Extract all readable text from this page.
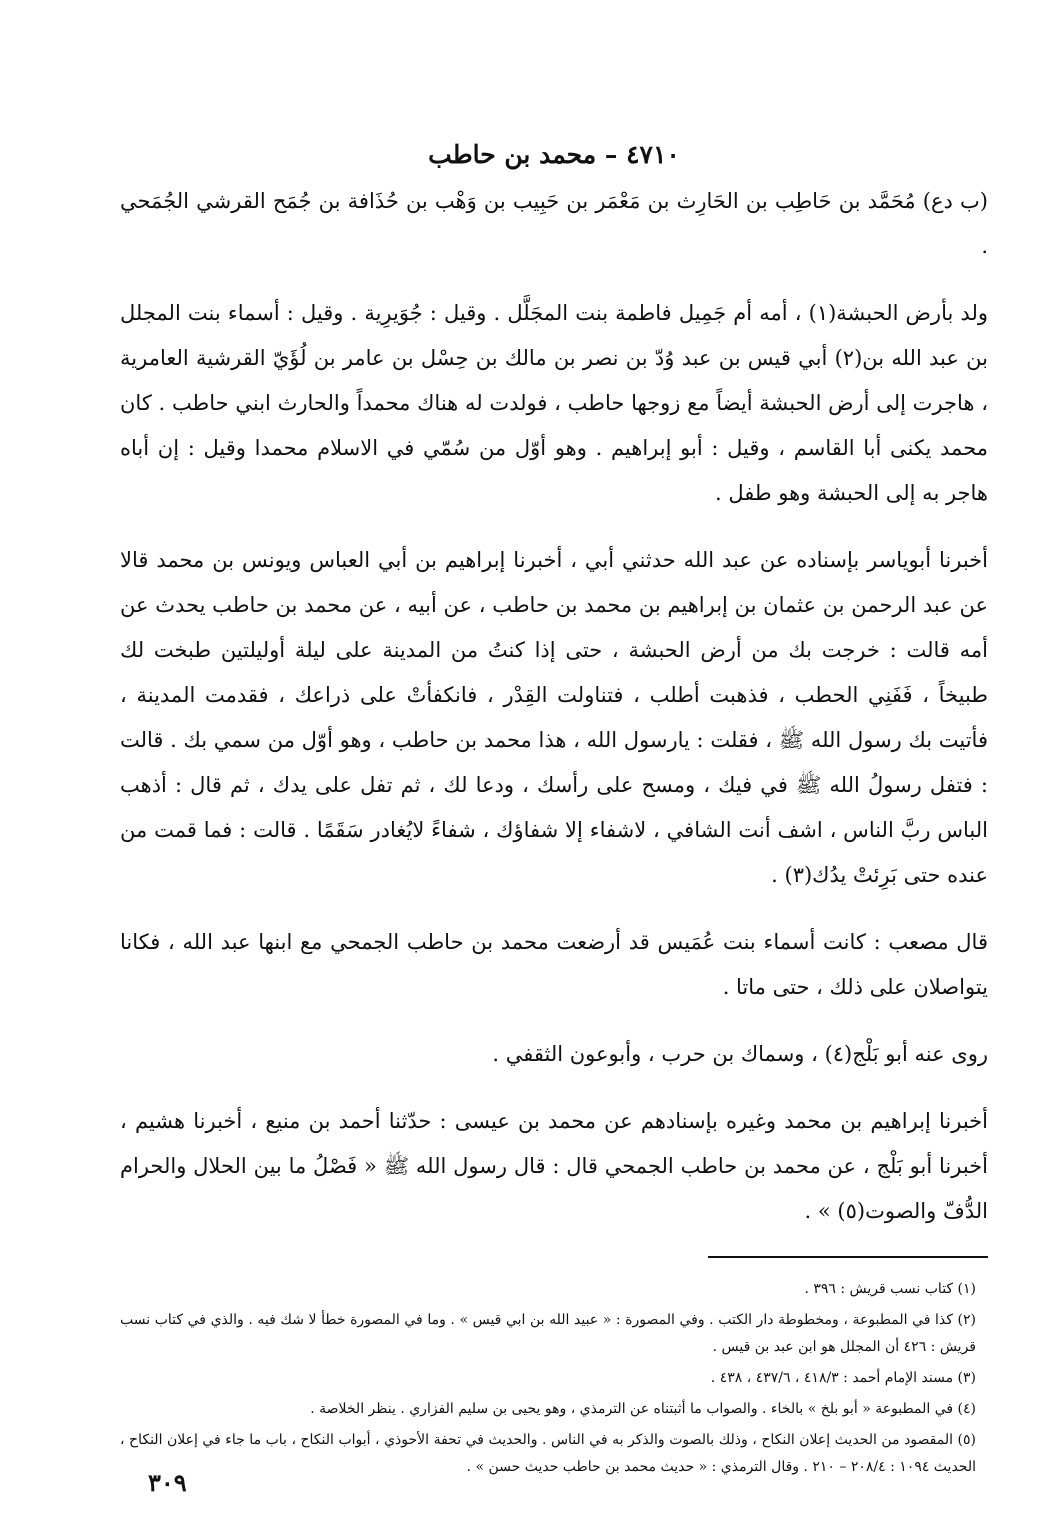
٤٧١٠ – محمد بن حاطب

(ب دع) مُحَمَّد بن حَاطِب بن الحَارِث بن مَعْمَر بن حَبِيب بن وَهْب بن حُذَافة بن جُمَح القرشي الجُمَحي .

ولد بأرض الحبشة(١) ، أمه أم جَمِيل فاطمة بنت المجَلَّل . وقيل : جُوَيرِية . وقيل : أسماء بنت المجلل بن عبد الله بن(٢) أبي قيس بن عبد وُدّ بن نصر بن مالك بن حِسْل بن عامر بن لُؤَيّ القرشية العامرية ، هاجرت إلى أرض الحبشة أيضاً مع زوجها حاطب ، فولدت له هناك محمداً والحارث ابني حاطب . كان محمد يكنى أبا القاسم ، وقيل : أبو إبراهيم . وهو أوّل من سُمّي في الاسلام محمدا وقيل : إن أباه هاجر به إلى الحبشة وهو طفل .

أخبرنا أبوياسر بإسناده عن عبد الله حدثني أبي ، أخبرنا إبراهيم بن أبي العباس ويونس بن محمد قالا عن عبد الرحمن بن عثمان بن إبراهيم بن محمد بن حاطب ، عن أبيه ، عن محمد بن حاطب يحدث عن أمه قالت : خرجت بك من أرض الحبشة ، حتى إذا كنتُ من المدينة على ليلة أوليلتين طبخت لك طبيخاً ، فَفَنِي الحطب ، فذهبت أطلب ، فتناولت القِدْر ، فانكفأتْ على ذراعك ، فقدمت المدينة ، فأتيت بك رسول الله ﷺ ، فقلت : يارسول الله ، هذا محمد بن حاطب ، وهو أوّل من سمي بك . قالت : فتفل رسولُ الله ﷺ في فيك ، ومسح على رأسك ، ودعا لك ، ثم تفل على يدك ، ثم قال : أذهب الباس ربَّ الناس ، اشف أنت الشافي ، لاشفاء إلا شفاؤك ، شفاءً لايُغادر سَقَمًا . قالت : فما قمت من عنده حتى بَرِئتْ يدُك(٣) .

قال مصعب : كانت أسماء بنت عُمَيس قد أرضعت محمد بن حاطب الجمحي مع ابنها عبد الله ، فكانا يتواصلان على ذلك ، حتى ماتا .

روى عنه أبو بَلْج(٤) ، وسماك بن حرب ، وأبوعون الثقفي .

أخبرنا إبراهيم بن محمد وغيره بإسنادهم عن محمد بن عيسى : حدّثنا أحمد بن منيع ، أخبرنا هشيم ، أخبرنا أبو بَلْج ، عن محمد بن حاطب الجمحي قال : قال رسول الله ﷺ « فَصْلُ ما بين الحلال والحرام الدُّفّ والصوت(٥) » .

(١) كتاب نسب قريش : ٣٩٦ .
(٢) كذا في المطبوعة ، ومخطوطة دار الكتب . وفي المصورة : « عبيد الله بن ابي قيس » . وما في المصورة خطأ لا شك فيه . والذي في كتاب نسب قريش : ٤٢٦ أن المجلل هو ابن عبد بن قيس .
(٣) مسند الإمام أحمد : ٤١٨/٣ ، ٤٣٧/٦ ، ٤٣٨ .
(٤) في المطبوعة « أبو بلخ » بالخاء . والصواب ما أثبتناه عن الترمذي ، وهو يحيى بن سليم الفزاري . ينظر الخلاصة .
(٥) المقصود من الحديث إعلان النكاح ، وذلك بالصوت والذكر به في الناس . والحديث في تحفة الأحوذي ، أبواب النكاح ، باب ما جاء في إعلان النكاح ، الحديث ١٠٩٤ : ٢٠٨/٤ – ٢١٠ . وقال الترمذي : « حديث محمد بن حاطب حديث حسن » .
٣٠٩
